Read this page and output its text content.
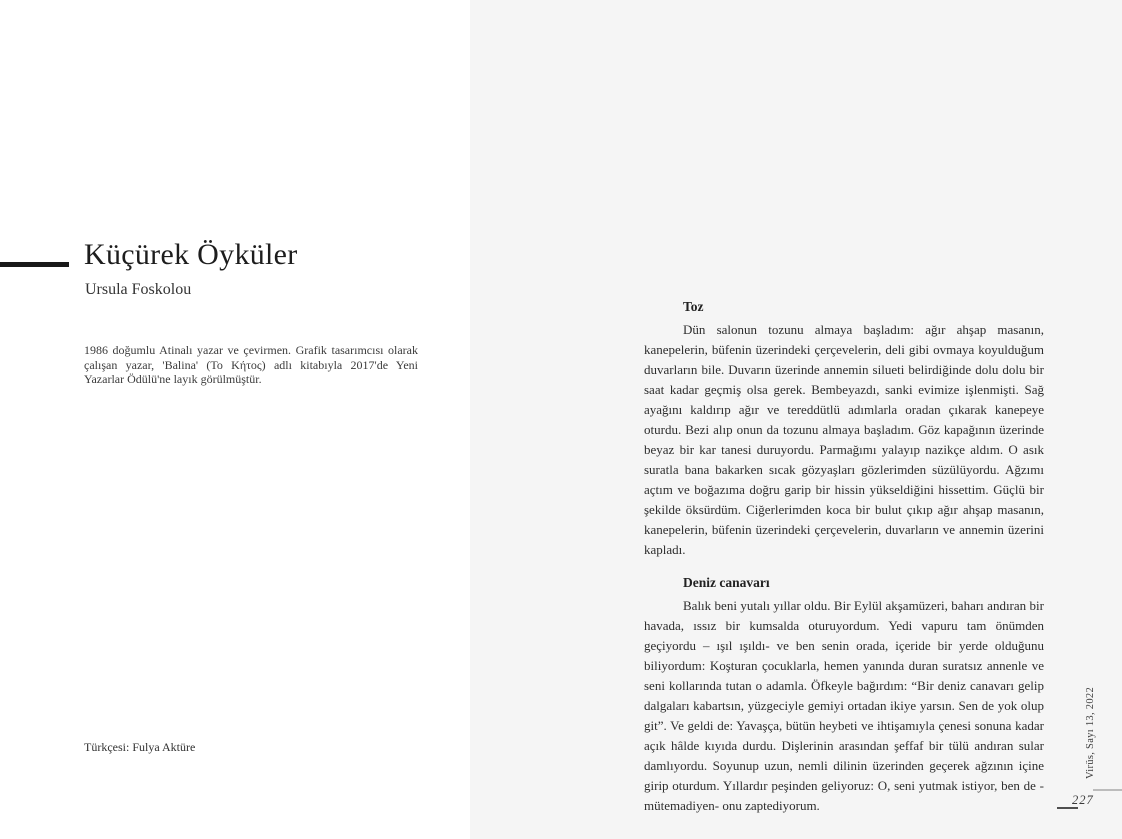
Küçürek Öyküler
Ursula Foskolou

1986 doğumlu Atinalı yazar ve çevirmen. Grafik tasarımcısı olarak çalışan yazar, 'Balina' (Το Κήτος) adlı kitabıyla 2017'de Yeni Yazarlar Ödülü'ne layık görülmüştür.

Türkçesi: Fulya Aktüre
Toz

Dün salonun tozunu almaya başladım: ağır ahşap masanın, kanepelerin, büfenin üzerindeki çerçevelerin, deli gibi ovmaya koyulduğum duvarların bile. Duvarın üzerinde annemin silueti belirdiğinde dolu dolu bir saat kadar geçmiş olsa gerek. Bembeyazdı, sanki evimize işlenmişti. Sağ ayağını kaldırıp ağır ve tereddütlü adımlarla oradan çıkarak kanepeye oturdu. Bezi alıp onun da tozunu almaya başladım. Göz kapağının üzerinde beyaz bir kar tanesi duruyordu. Parmağımı yalayıp nazikçe aldım. O asık suratla bana bakarken sıcak gözyaşları gözlerimden süzülüyordu. Ağzımı açtım ve boğazıma doğru garip bir hissin yükseldiğini hissettim. Güçlü bir şekilde öksürdüm. Ciğerlerimden koca bir bulut çıkıp ağır ahşap masanın, kanepelerin, büfenin üzerindeki çerçevelerin, duvarların ve annemin üzerini kapladı.

Deniz canavarı

Balık beni yutalı yıllar oldu. Bir Eylül akşamüzeri, baharı andıran bir havada, ıssız bir kumsalda oturuyordum. Yedi vapuru tam önümden geçiyordu – ışıl ışıldı- ve ben senin orada, içeride bir yerde olduğunu biliyordum: Koşturan çocuklarla, hemen yanında duran suratsız annenle ve seni kollarında tutan o adamla. Öfkeyle bağırdım: “Bir deniz canavarı gelip dalgaları kabartsın, yüzgeciyle gemiyi ortadan ikiye yarsın. Sen de yok olup git”. Ve geldi de: Yavaşça, bütün heybeti ve ihtişamıyla çenesi sonuna kadar açık hâlde kıyıda durdu. Dişlerinin arasından şeffaf bir tülü andıran sular damlıyordu. Soyunup uzun, nemli dilinin üzerinden geçerek ağzının içine girip oturdum. Yıllardır peşinden geliyoruz: O, seni yutmak istiyor, ben de -mütemadiyen- onu zaptediyorum.

Virüs, Sayı 13, 2022
227
